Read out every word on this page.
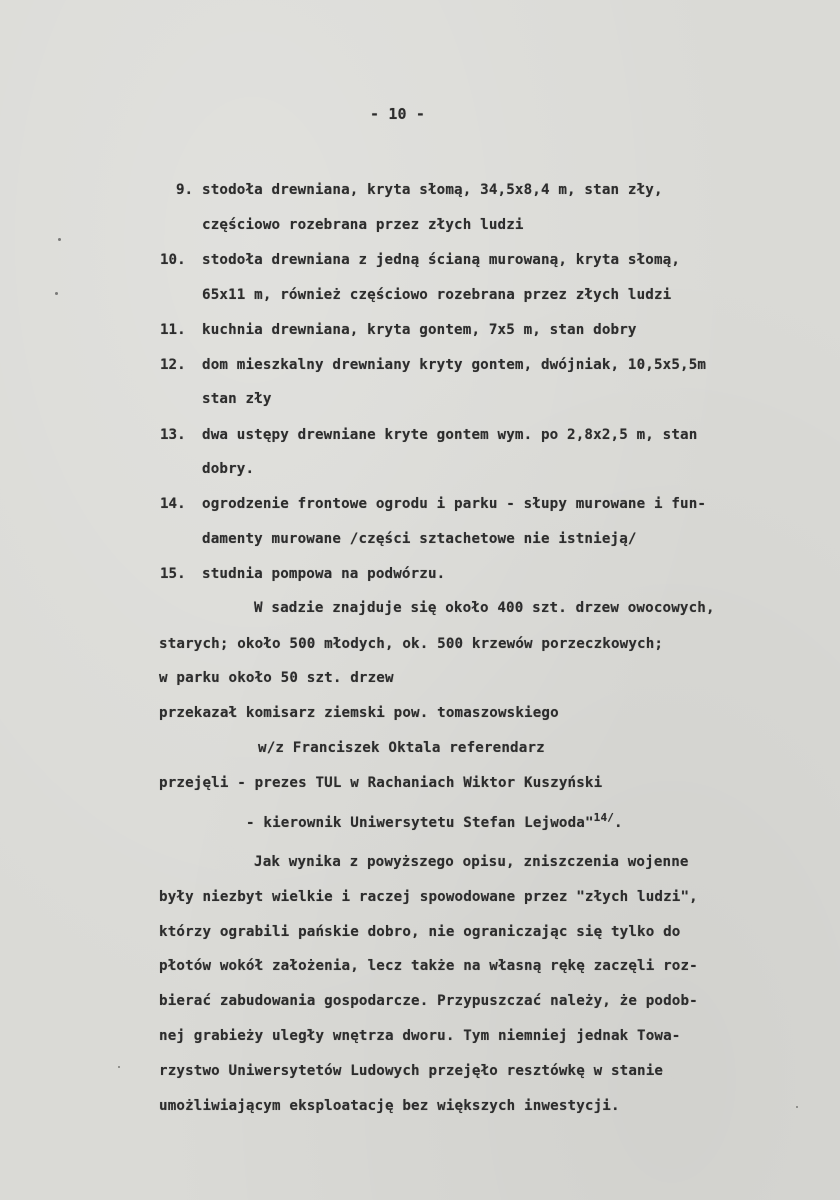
- 10 -
9. stodoła drewniana, kryta słomą, 34,5x8,4 m, stan zły,
częściowo rozebrana przez złych ludzi
10. stodoła drewniana z jedną ścianą murowaną, kryta słomą,
65x11 m, również częściowo rozebrana przez złych ludzi
11. kuchnia drewniana, kryta gontem, 7x5 m, stan dobry
12. dom mieszkalny drewniany kryty gontem, dwójniak, 10,5x5,5m
stan zły
13. dwa ustępy drewniane kryte gontem wym. po 2,8x2,5 m, stan
dobry.
14. ogrodzenie frontowe ogrodu i parku - słupy murowane i fun-
damenty murowane /części sztachetowe nie istnieją/
15. studnia pompowa na podwórzu.
W sadzie znajduje się około 400 szt. drzew owocowych,
starych; około 500 młodych, ok. 500 krzewów porzeczkowych;
w parku około 50 szt. drzew
przekazał komisarz ziemski pow. tomaszowskiego
w/z Franciszek Oktala referendarz
przejęli - prezes TUL w Rachaniach Wiktor Kuszyński
- kierownik Uniwersytetu Stefan Lejwoda"$^{14/}$.
Jak wynika z powyższego opisu, zniszczenia wojenne
były niezbyt wielkie i raczej spowodowane przez "złych ludzi",
którzy ograbili pańskie dobro, nie ograniczając się tylko do
płotów wokół założenia, lecz także na własną rękę zaczęli roz-
bierać zabudowania gospodarcze. Przypuszczać należy, że podob-
nej grabieży uległy wnętrza dworu. Tym niemniej jednak Towa-
rzystwo Uniwersytetów Ludowych przejęło resztówkę w stanie
umożliwiającym eksploatację bez większych inwestycji.
